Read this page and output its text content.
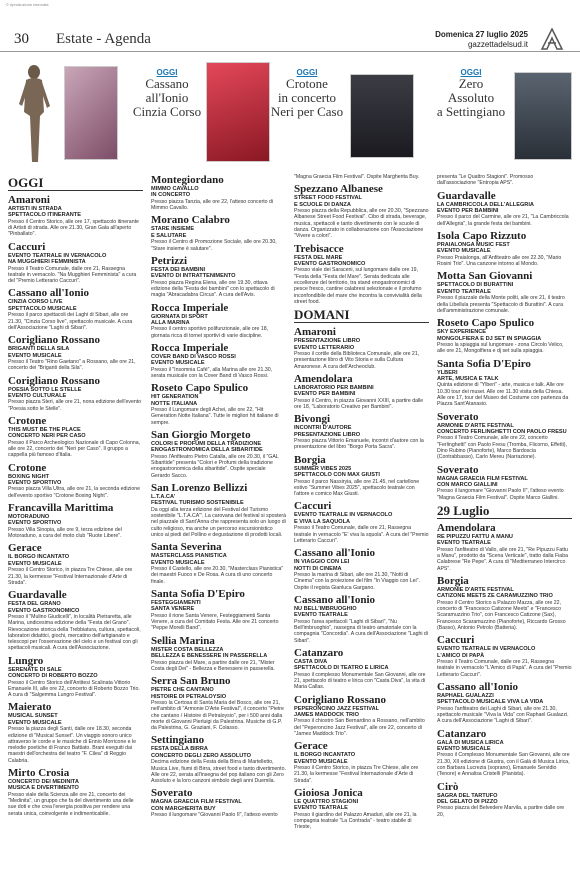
© riproduzione riservata
30 Estate - Agenda	Domenica 27 luglio 2025
gazzettadelsud.it
OGGI
Cassano
all'Ionio
Cinzia Corso
OGGI
Crotone
in concerto
Neri per Caso
OGGI
Zero
Assoluto
a Settingiano
OGGI
Amaroni
ARTISTI IN STRADA
SPETTACOLO ITINERANTE
Presso il Centro Storico, alle ore 17, spettacolo itinerante di Artisti di strada. Alle ore 21.30, Gran Gala all'aperto "Pinballato".
Caccuri
EVENTO TEATRALE IN VERNACOLO
NA MUGGHIERI FEMMINISTA
Presso il Teatro Comunale, dalle ore 21, Rassegna teatrale in vernacolo. "Na Mugghieri Femminista" a cura del "Premio Letterario Caccuri".
Cassano all'Ionio
CINZIA CORSO LIVE
SPETTACOLO MUSICALE
Presso il parco spettacoli dei Laghi di Sibari, alle ore 21.30, "Cinzia Corso live", spettacolo musicale. A cura dell'Associazione "Laghi di Sibari".
Corigliano Rossano
BRIGANTI DELLA SILA
EVENTO MUSICALE
Presso il Teatro "Rino Gaetano" a Rossano, alle ore 21, concerto dei "Briganti della Sila".
Corigliano Rossano
POESIA SOTTO LE STELLE
EVENTO CULTURALE
Presso piazza Steri, alle ore 21, nona edizione dell'evento "Poesia sotto le Stelle".
Crotone
THIS MUST BE THE PLACE
CONCERTO NERI PER CASO
Presso il Parco Archeologico Nazionale di Capo Colonna, alle ore 22, concerto dei "Neri per Caso". Il gruppo a cappella più famoso d'Italia.
Crotone
BOXING NIGHT
EVENTO SPORTIVO
Presso piazza Villa Ultra, alle ore 21, la seconda edizione dell'evento sportivo "Crotone Boxing Night".
Francavilla Marittima
MOTORADUNO
EVENTO SPORTIVO
Presso Villa Sinopia, alle ore 9, terza edizione del Motoraduno, a cura del moto club "Ruote Libere".
Gerace
IL BORGO INCANTATO
EVENTO MUSICALE
Presso il Centro Storico, in piazza Tre Chiese, alle ore 21.30, la kermesse "Festival Internazionale d'Arte di Strada".
Guardavalle
FESTA DEL GRANO
EVENTO GASTRONOMICO
Presso il "Mulino Giudicelli", in località Pietraretta, alle Marina, undicesima edizione della "Festa del Grano". Rievocazione storica della Trebbiatura, cultura, spettacoli, laboratori didattici, giochi, mercatino dell'artigianato e telescopi per l'osservazione del cielo e un festival con gli spettacoli musicali. A cura dell'Associazione.
Lungro
SERENATE DI SALE
CONCERTO DI ROBERTO BOZZO
Presso il Centro Storico dell'Antitesi Scalinata Vittorio Emanuele III, alle ore 22, concerto di Roberto Bozzo Trio. A cura di "Salgemma Lungro Festival".
Maierato
MUSICAL SUNSET
EVENTO MUSICALE
Presso la piazza degli Santi, dalle ore 18.30, seconda edizione di "Musical Sunset". Un viaggio sonoro unico attraverso le corde e le musiche di Ennio Morricone e le melodie poetiche di Franco Battiato. Brani eseguiti dai maestri dell'orchestra del teatro "F. Cilea" di Reggio Calabria.
Mirto Crosia
CONCERTO DEI MEDINITA
MUSICA E DIVERTIMENTO
Presso viale della Scienza alle ore 21, concerto dei "Medinita", un gruppo che fa del divertimento una delle sue doti e che crea l'energia positiva per rendere una serata unica, coinvolgente e indimenticabile.
Montegiordano
MIMMO CAVALLO
IN CONCERTO
Presso piazza Tanzia, alle ore 22, l'atteso concerto di Mimmo Cavallo.
Morano Calabro
STARE INSIEME
E SALUTARE
Presso il Centro di Promozione Sociale, alle ore 20.30, "Stare insieme è salutare".
Petrizzi
FESTA DEI BAMBINI
EVENTO DI INTRATTENIMENTO
Presso piazza Regina Elena, alle ore 19.30, ottava edizione della "Festa dei bambini" con lo spettacolo di magia "Abracadabra Circus". A cura dell'Avis.
Rocca Imperiale
GIORNATA DI SPORT
ALLA MARINA
Presso il centro sportivo polifunzionale, alle ore 18, giornata ricca di tornei sportivi di varie discipline.
Rocca Imperiale
COVER BAND DI VASCO ROSSI
EVENTO MUSICALE
Presso il "Insomnia Café", alla Marina alle ore 21.30, serata musicale con la Cover Band di Vasco Rossi.
Roseto Capo Spulico
HIT GENERATION
NOTTE ITALIANA
Presso il Lungomare degli Achei, alle ore 22, "Hit Generation Notte Italiana". Tutte le migliori hit italiane di sempre.
San Giorgio Morgeto
COLORI E PROFUMI DELLA TRADIZIONE
ENOGASTRONOMICA DELLA SIBARITIDE
Presso l'Anfiteatro Pietro Catalla, alle ore 20.30, il "GAL Sibaritide" presenta "Colori e Profumi della tradizione enogastronomica della sibaritide". Ospite speciale Gerardo Sacco.
San Lorenzo Bellizzi
L.T.A.CA'
FESTIVAL TURISMO SOSTENIBILE
Da oggi alla terza edizione del Festival del Turismo sostenibile "L.T.A.CA'". La carovana del festival si sposterà nel piazzale di Sant'Anna che rappresenta solo un luogo di culto religioso, ma anche un percorso escursionistico unico ai piedi del Pollino e degustazione di prodotti locali.
Santa Severina
MASTERCLASS PIANISTICA
EVENTO MUSICALE
Presso il Castello, alle ore 20.30, "Masterclass Pianistica" dei maestri Fuoco e De Rosa. A cura di uno concerto finale.
Santa Sofia D'Epiro
FESTEGGIAMENTI
SANTA VENERE
Presso il rione Santa Venere, Festeggiamenti Santa Venere, a cura del Comitato Festa. Alle ore 21 concerto "Peppe Morelli Band".
Sellia Marina
MISTER COSTA BELLEZZA
BELLEZZA E BENESSERE IN PASSERELLA
Presso piazza del Mare, a partire dalle ore 21, "Mister Costa degli Dei" - Bellezza e Benessere in passerella.
Serra San Bruno
PIETRE CHE CANTANO
HISTOIRE DI PETRALOYSIO
Presso la Certosa di Santa Maria del Bosco, alle ore 21, nell'ambito di "Armonie D'Arte Festival", il concerto "Pietre che cantano / Histoire di Petraloysio", per i 500 anni dalla morte di Giovanni Pierluigi da Palestrina. Musiche di G.P. da Palestrina, G. Graziani, F. Colasso.
Settingiano
FESTA DELLA BIRRA
CONCERTO DEGLI ZERO ASSOLUTO
Decima edizione della Festa della Birra di Martelletto, Musica Live, fiumi di Birra, street food e tanto divertimento. Alle ore 22, serata all'insegna del pop italiano con gli Zero Assoluto e la loro canzoni simbolo degli anni Duemila.
Soverato
MAGNA GRAECIA FILM FESTIVAL
CON MARGHERITA BUY
Presso il lungomare "Giovanni Paolo II", l'atteso evento
"Magna Graecia Film Festival". Ospite Margherita Buy.
Spezzano Albanese
STREET FOOD FESTIVAL
E SCUOLE DI DANZA
Presso piazza della Repubblica, alle ore 20.30, "Spezzano Albanese Street Food Festival". Cibo di strada, beverage, musica, spettacoli e tanto divertimento con le scuole di danza. Organizzato in collaborazione con l'Associazione "Vivere a colori".
Trebisacce
FESTA DEL MARE
EVENTO GASTRONOMICO
Presso viale dei Saraceni, sul lungomare dalle ore 19, "Festa della "Festa del Mare". Serata dedicata alle eccellenze del territorio, tra stand enogastronomici di pesce fresco, cantine calabresi selezionate e il profumo inconfondibile del mare che incontra la convivialità della street food.
DOMANI
Amaroni
PRESENTAZIONE LIBRO
EVENTO LETTERARIO
Presso il cortile della Biblioteca Comunale, alle ore 21, presentazione libro di Vito Storia e sulla Cultura Amaronese. A cura dell'Archeoclub.
Amendolara
LABORATORIO PER BAMBINI
EVENTO PER BAMBINI
Presso il Centro, in piazza Giovanni XXIII, a partire dalle ore 18, "Laboratorio Creativo per Bambini".
Bivongi
INCONTRI D'AUTORE
PRESENTAZIONE LIBRO
Presso piazza Vittorio Emanuele, incontri d'autore con la presentazione del libro "Borgo Porta Sacra".
Borgia
SUMMER VIBES 2025
SPETTACOLO CON MAX GIUSTI
Presso il parco Nassiryia, alle ore 21.45, nel cartellone estivo "Summer Vibes 2025", spettacolo teatrale con l'attore e comico Max Giusti.
Caccuri
EVENTO TEATRALE IN VERNACOLO
E VIVA LA SAQUOLA
Presso il Teatro Comunale, dalle ore 21, Rassegna teatrale in vernacolo "E' viva la squola". A cura del "Premio Letterario Caccuri".
Cassano all'Ionio
IN VIAGGIO CON LEI
NOTTI DI CINEMA
Presso la marina di Sibari, alle ore 21.30, "Notti di Cinema" con la proiezione del film "In Viaggio con Lei". Ospite il regista Gianluca Gargano.
Cassano all'Ionio
NU BELL'IMBRUOGHIO
EVENTO TEATRALE
Presso l'area spettacoli "Laghi di Sibari", "Nu Bell'imbruoghio", rassegna di teatro amatoriale con la compagnia "Concordia". A cura dell'Associazione "Laghi di Sibari".
Catanzaro
CASTA DIVA
SPETTACOLO DI TEATRO E LIRICA
Presso il complesso Monumentale San Giovanni, alle ore 21, spettacolo di teatro e lirica con "Casta Diva", la vita di Maria Callas.
Corigliano Rossano
PEPERONCINO JAZZ FESTIVAL
JAMES MADDOCK TRIO
Presso il chiostro San Bernardino a Rossano, nell'ambito del "Peperoncino Jazz Festival", alle ore 22, concerto di "James Maddock Trio".
Gerace
IL BORGO INCANTATO
EVENTO MUSICALE
Presso il Centro Storico, in piazza Tre Chiese, alle ore 21.30, la kermesse "Festival Internazionale d'Arte di Strada".
Gioiosa Jonica
LE QUATTRO STAGIONI
EVENTO TEATRALE
Presso il giardino del Palazzo Amaduri, alle ore 21, la compagnia teatrale "La Contrada" - teatro stabile di Trieste,
presenta "Le Quattro Stagioni". Promosso dall'associazione "Entropia APS".
Guardavalle
LA CAMBRICCOLA DELL'ALLEGRIA
EVENTO PER BAMBINI
Presso il parco del Carmine, alle ore 21, "La Cambriccola dell'Allegria", la grande festa dei bambini.
Isola Capo Rizzuto
PRAIALONGA MUSIC FEST
EVENTO MUSICALE
Presso Praialonga, all'Anfiteatro alle ore 22.30, "Mario Rosini Trio". Una canzone intorno al Mondo.
Motta San Giovanni
SPETTACOLO DI BURATTINI
EVENTO TEATRALE
Presso il piazzale della Monte politi, alle ore 21, il teatro della Libellula presenta "Spettacolo di Burattini". A cura dell'amministrazione comunale.
Roseto Capo Spulico
SKY EXPERIENCE
MONGOLFIERA E DJ SET IN SPIAGGIA
Presso la spiaggia sul lungomare - zona Circolo Velico, alle ore 21, Mongolfiera e dj set sulla spiaggia.
Santa Sofia D'Epiro
YLBERI
ARTE, MUSICA E TALK
Quinta edizione di "Ylberi" - arte, musica e talk. Alle ore 10.30 tour dei musei. Alle ore 11.30 visita della Chiesa. Alle ore 17, tour del Museo del Costume con partenza da Piazza Sant'Atanasio.
Soverato
ARMONIE D'ARTE FESTIVAL
CONCERTO FERLINGHETTI CON PAOLO FRESU
Presso il Teatro Comunale, alle ore 22, concerto "Ferlinghetti" con Paolo Fresu (Tromba, Flicorno, Effetti), Dino Rubino (Pianoforte), Marco Bardoscia (Contrabbasso), Carlo Mereu (Narrazione).
Soverato
MAGNA GRAECIA FILM FESTIVAL
CON MARCO GIALLINI
Presso il lungomare "Giovanni Paolo II", l'atteso evento "Magna Graecia Film Festival". Ospite Marco Giallini.
29 Luglio
Amendolara
RE PIPUZZU FATTU A MANU
EVENTO TEATRALE
Presso l'anfiteatro di Vallo, alle ore 21, "Re Pipuzzu Fattu a Manu", prodotto da "Scena Verticale", tratto dalla Fiaba Calabrese "Re Pepe". A cura di "Mediterraneo Intercirco APS".
Borgia
ARMONIE D'ARTE FESTIVAL
CATIZONE MEETS ZE CARAMUZZINO TRIO
Presso il Centro Storico a Palazzo Mazza, alle ore 22, concerto di "Francesco Catizone Meets" e "Francesco Scaramuzzino Trio", con Francesco Catizone (Sax), Francesco Scaramuzzino (Pianoforte), Riccardo Grosso (Basso), Antonio Petrolo (Batteria).
Caccuri
EVENTO TEATRALE IN VERNACOLO
L'AMICO DI PAPÀ
Presso il Teatro Comunale, dalle ore 21, Rassegna teatrale in vernacolo "L'Amico di Papà". A cura del "Premio Letterario Caccuri".
Cassano all'Ionio
RAPHAEL GUALAZZI
SPETTACOLO MUSICALE VIVA LA VIDA
Presso l'anfiteatro dei Laghi di Sibari, alle ore 21.30, spettacolo musicale "Viva la Vida" con Raphael Gualazzi. A cura dell'Associazione "Laghi di Sibari".
Catanzaro
GALÀ DI MUSICA LIRICA
EVENTO MUSICALE
Presso il Complesso Monumentale San Giovanni, alle ore 21.30, XII edizione di Giustra, con il Galà di Musica Lirica, con Barbara Lucrezia (soprano), Emanuele Servidio (Tenore) e Annalisa Cristelli (Pianista).
Cirò
SAGRA DEL TARTUFO
DEL GELATO DI PIZZO
Presso piazza del Belvedere Marvila, a partire dalle ore 20,
